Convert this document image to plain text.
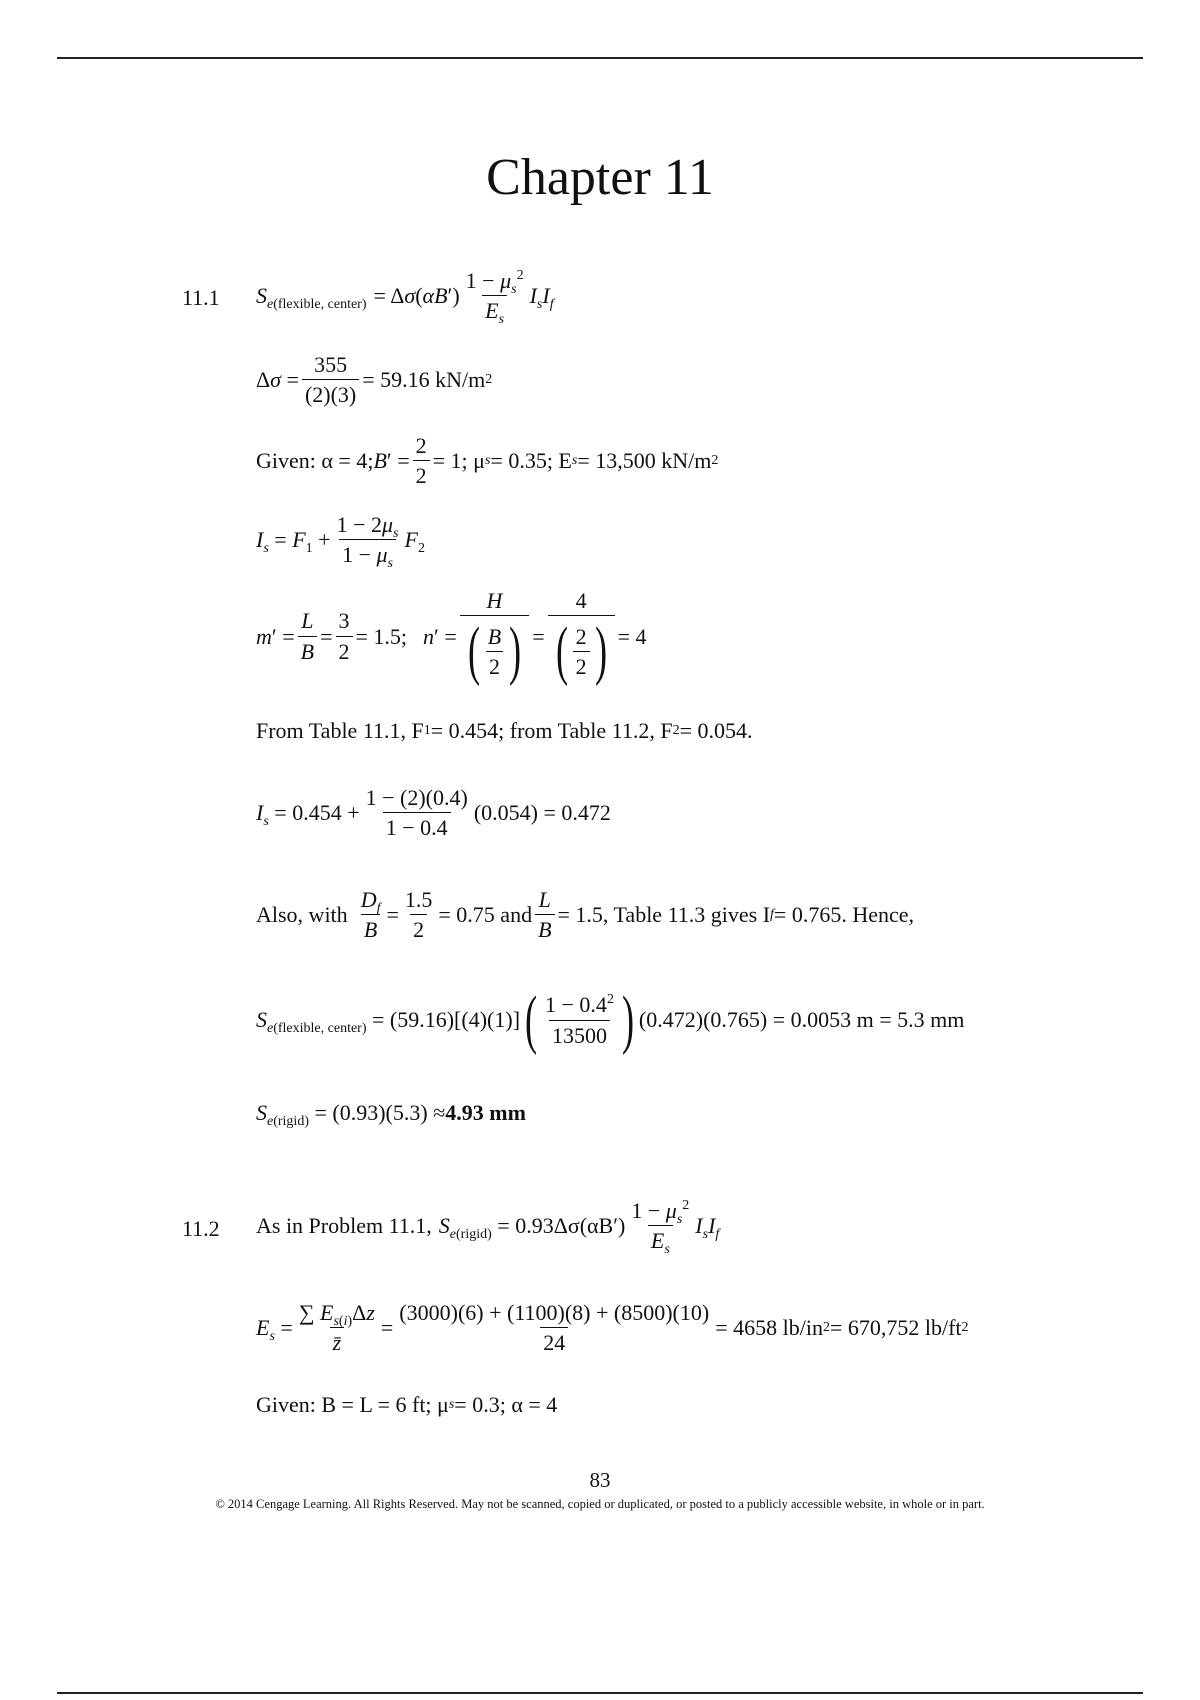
Chapter 11
11.1 $S_{e(flexible, center)} = \Delta\sigma(\alpha B') \frac{1 - \mu_s^2}{E_s} I_sI_f$
$\Delta\sigma = \frac{355}{(2)(3)} = 59.16$ kN/m 2
Given: α = 4; $B' = \frac{2}{2} = 1$; μ s = 0.35; E s = 13,500 kN/m 2
$I_s = F_1 + \frac{1 - 2\mu_s}{1 - \mu_s} F_2$
$m' = \frac{L}{B} = \frac{3}{2} = 1.5$; $n' = \frac{H}{( \frac{B}{2} )} = \frac{4}{( \frac{2}{2} )} = 4$
From Table 11.1, F 1 = 0.454; from Table 11.2, F 2 = 0.054.
$I_s = 0.454 + \frac{1 - (2)(0.4)}{1 - 0.4} (0.054) = 0.472$
Also, with $\frac{D_f}{B} = \frac{1.5}{2} = 0.75$ and $\frac{L}{B} = 1.5$, Table 11.3 gives I f = 0.765. Hence,
$S_{e(flexible, center)} = (59.16)[(4)(1)]$ ( $\frac{1 - 0.4^2}{13500}$ ) (0.472)(0.765) = 0.0053 m = 5.3 mm
$S_{e(rigid)} = (0.93)(5.3) \approx 4.93$ mm
11.2 As in Problem 11.1, $S_{e(rigid)} = 0.93\Delta\sigma(\alpha B') \frac{1 - \mu_s^2}{E_s} I_sI_f$
$E_s = \frac{\sum E_{s(i)}\Delta z}{z̄} = \frac{(3000)(6) + (1100)(8) + (8500)(10)}{24} = 4658$ lb/in 2 = 670,752 lb/ft 2
Given: B = L = 6 ft; μ s = 0.3; α = 4
83
© 2014 Cengage Learning. All Rights Reserved. May not be scanned, copied or duplicated, or posted to a publicly accessible website, in whole or in part.
